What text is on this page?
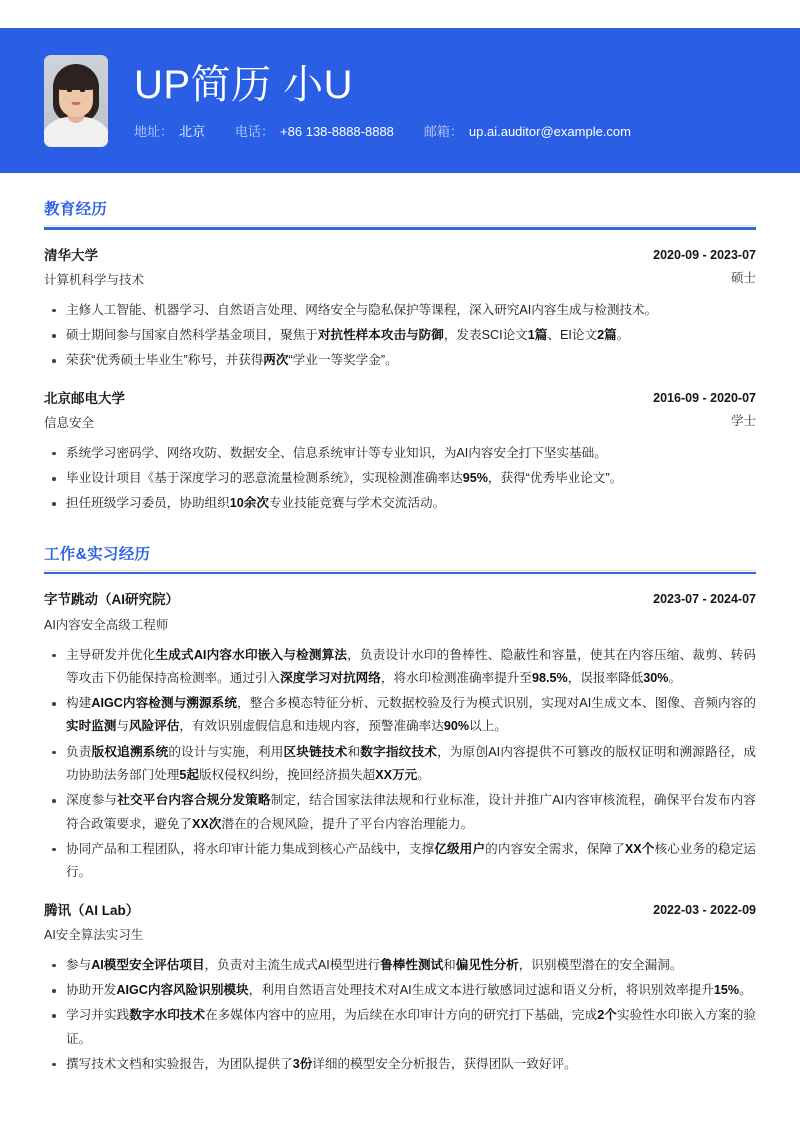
UP简历 小U
地址： 北京 电话： +86 138-8888-8888 邮箱： up.ai.auditor@example.com
教育经历
清华大学
计算机科学与技术
2020-09 - 2023-07
硕士
主修人工智能、机器学习、自然语言处理、网络安全与隐私保护等课程，深入研究AI内容生成与检测技术。
硕士期间参与国家自然科学基金项目，聚焦于对抗性样本攻击与防御，发表SCI论文1篇、EI论文2篇。
荣获“优秀硕士毕业生”称号，并获得两次“学业一等奖学金”。
北京邮电大学
信息安全
2016-09 - 2020-07
学士
系统学习密码学、网络攻防、数据安全、信息系统审计等专业知识，为AI内容安全打下坚实基础。
毕业设计项目《基于深度学习的恶意流量检测系统》，实现检测准确率达95%，获得“优秀毕业论文”。
担任班级学习委员，协助组织10余次专业技能竞赛与学术交流活动。
工作&实习经历
字节跳动（AI研究院）
AI内容安全高级工程师
2023-07 - 2024-07
主导研发并优化生成式AI内容水印嵌入与检测算法，负责设计水印的鲁棒性、隐蔽性和容量，使其在内容压缩、裁剪、转码等攻击下仍能保持高检测率。通过引入深度学习对抗网络，将水印检测准确率提升至98.5%，误报率降低30%。
构建AIGC内容检测与溯源系统，整合多模态特征分析、元数据校验及行为模式识别，实现对AI生成文本、图像、音频内容的实时监测与风险评估，有效识别虚假信息和违规内容，预警准确率达90%以上。
负责版权追溯系统的设计与实施，利用区块链技术和数字指纹技术，为原创AI内容提供不可篡改的版权证明和溯源路径，成功协助法务部门处理5起版权侵权纠纷，挽回经济损失超XX万元。
深度参与社交平台内容合规分发策略制定，结合国家法律法规和行业标准，设计并推广AI内容审核流程，确保平台发布内容符合政策要求，避免了XX次潜在的合规风险，提升了平台内容治理能力。
协同产品和工程团队，将水印审计能力集成到核心产品线中，支撑亿级用户的内容安全需求，保障了XX个核心业务的稳定运行。
腾讯（AI Lab）
AI安全算法实习生
2022-03 - 2022-09
参与AI模型安全评估项目，负责对主流生成式AI模型进行鲁棒性测试和偏见性分析，识别模型潜在的安全漏洞。
协助开发AIGC内容风险识别模块，利用自然语言处理技术对AI生成文本进行敏感词过滤和语义分析，将识别效率提升15%。
学习并实践数字水印技术在多媒体内容中的应用，为后续在水印审计方向的研究打下基础，完成2个实验性水印嵌入方案的验证。
撰写技术文档和实验报告，为团队提供了3份详细的模型安全分析报告，获得团队一致好评。
